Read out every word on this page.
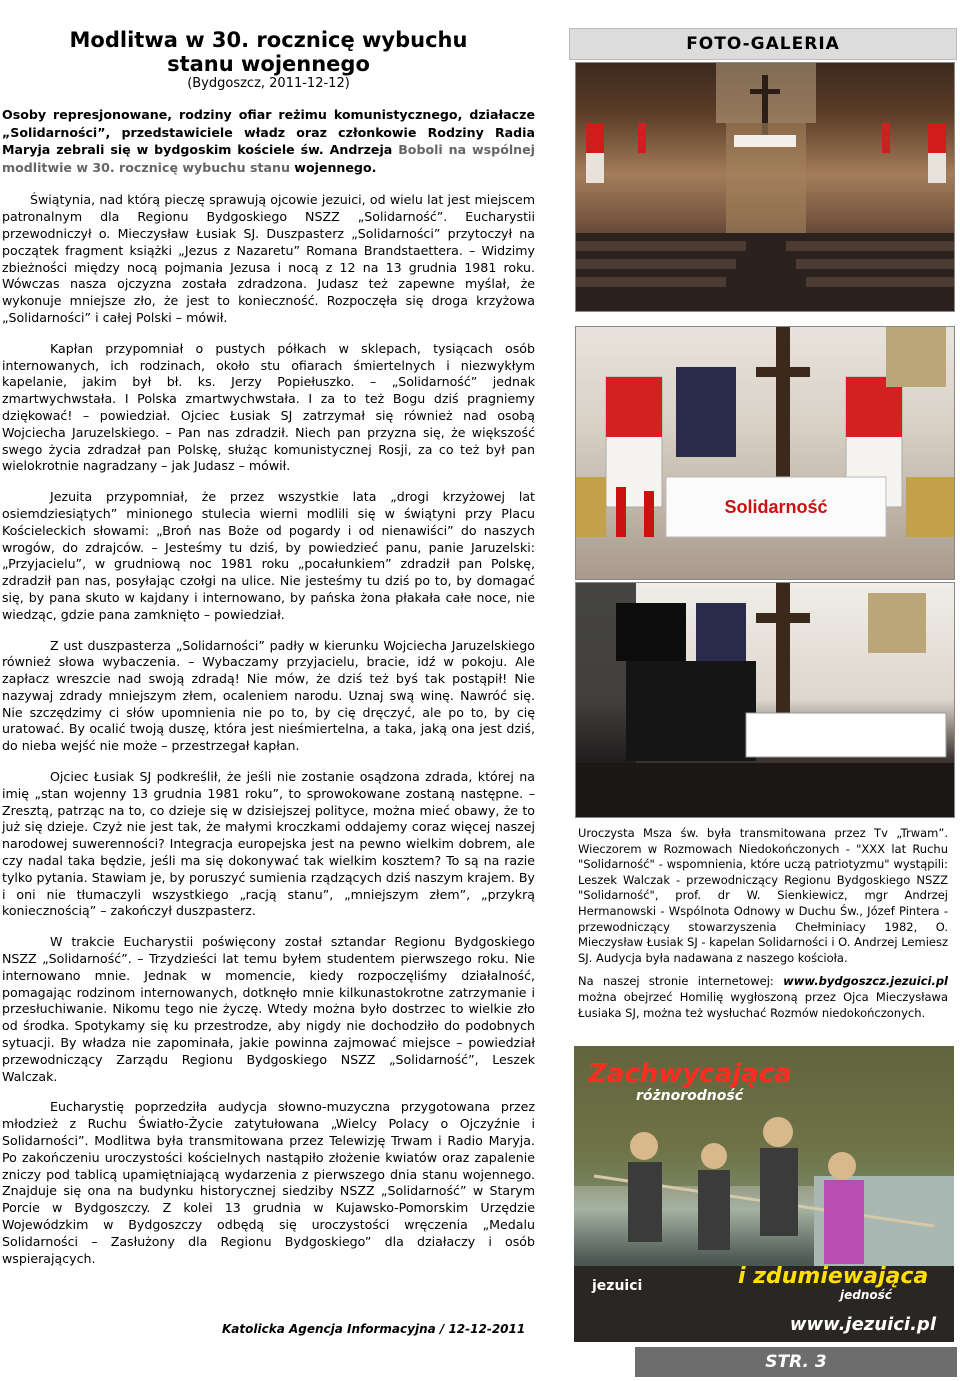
Modlitwa w 30. rocznicę wybuchu
stanu wojennego

(Bydgoszcz, 2011-12-12)

Osoby represjonowane, rodziny ofiar reżimu komunistycznego, działacze „Solidarności”, przedstawiciele władz oraz członkowie Rodziny Radia Maryja zebrali się w bydgoskim kościele św. Andrzeja Boboli na wspólnej modlitwie w 30. rocznicę wybuchu stanu wojennego.

Świątynia, nad którą pieczę sprawują ojcowie jezuici, od wielu lat jest miejscem patronalnym dla Regionu Bydgoskiego NSZZ „Solidarność”. Eucharystii przewodniczył o. Mieczysław Łusiak SJ. Duszpasterz „Solidarności” przytoczył na początek fragment książki „Jezus z Nazaretu” Romana Brandstaettera. – Widzimy zbieżności między nocą pojmania Jezusa i nocą z 12 na 13 grudnia 1981 roku. Wówczas nasza ojczyzna została zdradzona. Judasz też zapewne myślał, że wykonuje mniejsze zło, że jest to konieczność. Rozpoczęła się droga krzyżowa „Solidarności” i całej Polski – mówił.

Kapłan przypomniał o pustych półkach w sklepach, tysiącach osób internowanych, ich rodzinach, około stu ofiarach śmiertelnych i niezwykłym kapelanie, jakim był bł. ks. Jerzy Popiełuszko. – „Solidarność” jednak zmartwychwstała. I Polska zmartwychwstała. I za to też Bogu dziś pragniemy dziękować! – powiedział. Ojciec Łusiak SJ zatrzymał się również nad osobą Wojciecha Jaruzelskiego. – Pan nas zdradził. Niech pan przyzna się, że większość swego życia zdradzał pan Polskę, służąc komunistycznej Rosji, za co też był pan wielokrotnie nagradzany – jak Judasz – mówił.

Jezuita przypomniał, że przez wszystkie lata „drogi krzyżowej lat osiemdziesiątych” minionego stulecia wierni modlili się w świątyni przy Placu Kościeleckich słowami: „Broń nas Boże od pogardy i od nienawiści” do naszych wrogów, do zdrajców. – Jesteśmy tu dziś, by powiedzieć panu, panie Jaruzelski: „Przyjacielu”, w grudniową noc 1981 roku „pocałunkiem” zdradził pan Polskę, zdradził pan nas, posyłając czołgi na ulice. Nie jesteśmy tu dziś po to, by domagać się, by pana skuto w kajdany i internowano, by pańska żona płakała całe noce, nie wiedząc, gdzie pana zamknięto – powiedział.

Z ust duszpasterza „Solidarności” padły w kierunku Wojciecha Jaruzelskiego również słowa wybaczenia. – Wybaczamy przyjacielu, bracie, idź w pokoju. Ale zapłacz wreszcie nad swoją zdradą! Nie mów, że dziś też byś tak postąpił! Nie nazywaj zdrady mniejszym złem, ocaleniem narodu. Uznaj swą winę. Nawróć się. Nie szczędzimy ci słów upomnienia nie po to, by cię dręczyć, ale po to, by cię uratować. By ocalić twoją duszę, która jest nieśmiertelna, a taka, jaką ona jest dziś, do nieba wejść nie może – przestrzegał kapłan.

Ojciec Łusiak SJ podkreślił, że jeśli nie zostanie osądzona zdrada, której na imię „stan wojenny 13 grudnia 1981 roku”, to sprowokowane zostaną następne. – Zresztą, patrząc na to, co dzieje się w dzisiejszej polityce, można mieć obawy, że to już się dzieje. Czyż nie jest tak, że małymi kroczkami oddajemy coraz więcej naszej narodowej suwerenności? Integracja europejska jest na pewno wielkim dobrem, ale czy nadal taka będzie, jeśli ma się dokonywać tak wielkim kosztem? To są na razie tylko pytania. Stawiam je, by poruszyć sumienia rządzących dziś naszym krajem. By i oni nie tłumaczyli wszystkiego „racją stanu”, „mniejszym złem”, „przykrą koniecznością” – zakończył duszpasterz.

W trakcie Eucharystii poświęcony został sztandar Regionu Bydgoskiego NSZZ „Solidarność”. – Trzydzieści lat temu byłem studentem pierwszego roku. Nie internowano mnie. Jednak w momencie, kiedy rozpoczęliśmy działalność, pomagając rodzinom internowanych, dotknęło mnie kilkunastokrotne zatrzymanie i przesłuchiwanie. Nikomu tego nie życzę. Wtedy można było dostrzec to wielkie zło od środka. Spotykamy się ku przestrodze, aby nigdy nie dochodziło do podobnych sytuacji. By władza nie zapominała, jakie powinna zajmować miejsce – powiedział przewodniczący Zarządu Regionu Bydgoskiego NSZZ „Solidarność”, Leszek Walczak.

Eucharystię poprzedziła audycja słowno-muzyczna przygotowana przez młodzież z Ruchu Światło-Życie zatytułowana „Wielcy Polacy o Ojczyźnie i Solidarności”. Modlitwa była transmitowana przez Telewizję Trwam i Radio Maryja. Po zakończeniu uroczystości kościelnych nastąpiło złożenie kwiatów oraz zapalenie zniczy pod tablicą upamiętniającą wydarzenia z pierwszego dnia stanu wojennego. Znajduje się ona na budynku historycznej siedziby NSZZ „Solidarność” w Starym Porcie w Bydgoszczy. Z kolei 13 grudnia w Kujawsko-Pomorskim Urzędzie Wojewódzkim w Bydgoszczy odbędą się uroczystości wręczenia „Medalu Solidarności – Zasłużony dla Regionu Bydgoskiego” dla działaczy i osób wspierających.

Katolicka Agencja Informacyjna / 12-12-2011
FOTO-GALERIA
Solidarność

Uroczysta Msza św. była transmitowana przez Tv „Trwam”. Wieczorem w Rozmowach Niedokończonych - "XXX lat Ruchu "Solidarność" - wspomnienia, które uczą patriotyzmu" wystąpili: Leszek Walczak - przewodniczący Regionu Bydgoskiego NSZZ "Solidarność", prof. dr W. Sienkiewicz, mgr Andrzej Hermanowski - Wspólnota Odnowy w Duchu Św., Józef Pintera - przewodniczący stowarzyszenia Chełminiacy 1982, O. Mieczysław Łusiak SJ - kapelan Solidarności i O. Andrzej Lemiesz SJ. Audycja była nadawana z naszego kościoła.

Na naszej stronie internetowej: www.bydgoszcz.jezuici.pl można obejrzeć Homilię wygłoszoną przez Ojca Mieczysława Łusiaka SJ, można też wysłuchać Rozmów niedokończonych.

Zachwycająca
różnorodność
jezuici	i zdumiewająca
jedność
www.jezuici.pl
STR. 3
